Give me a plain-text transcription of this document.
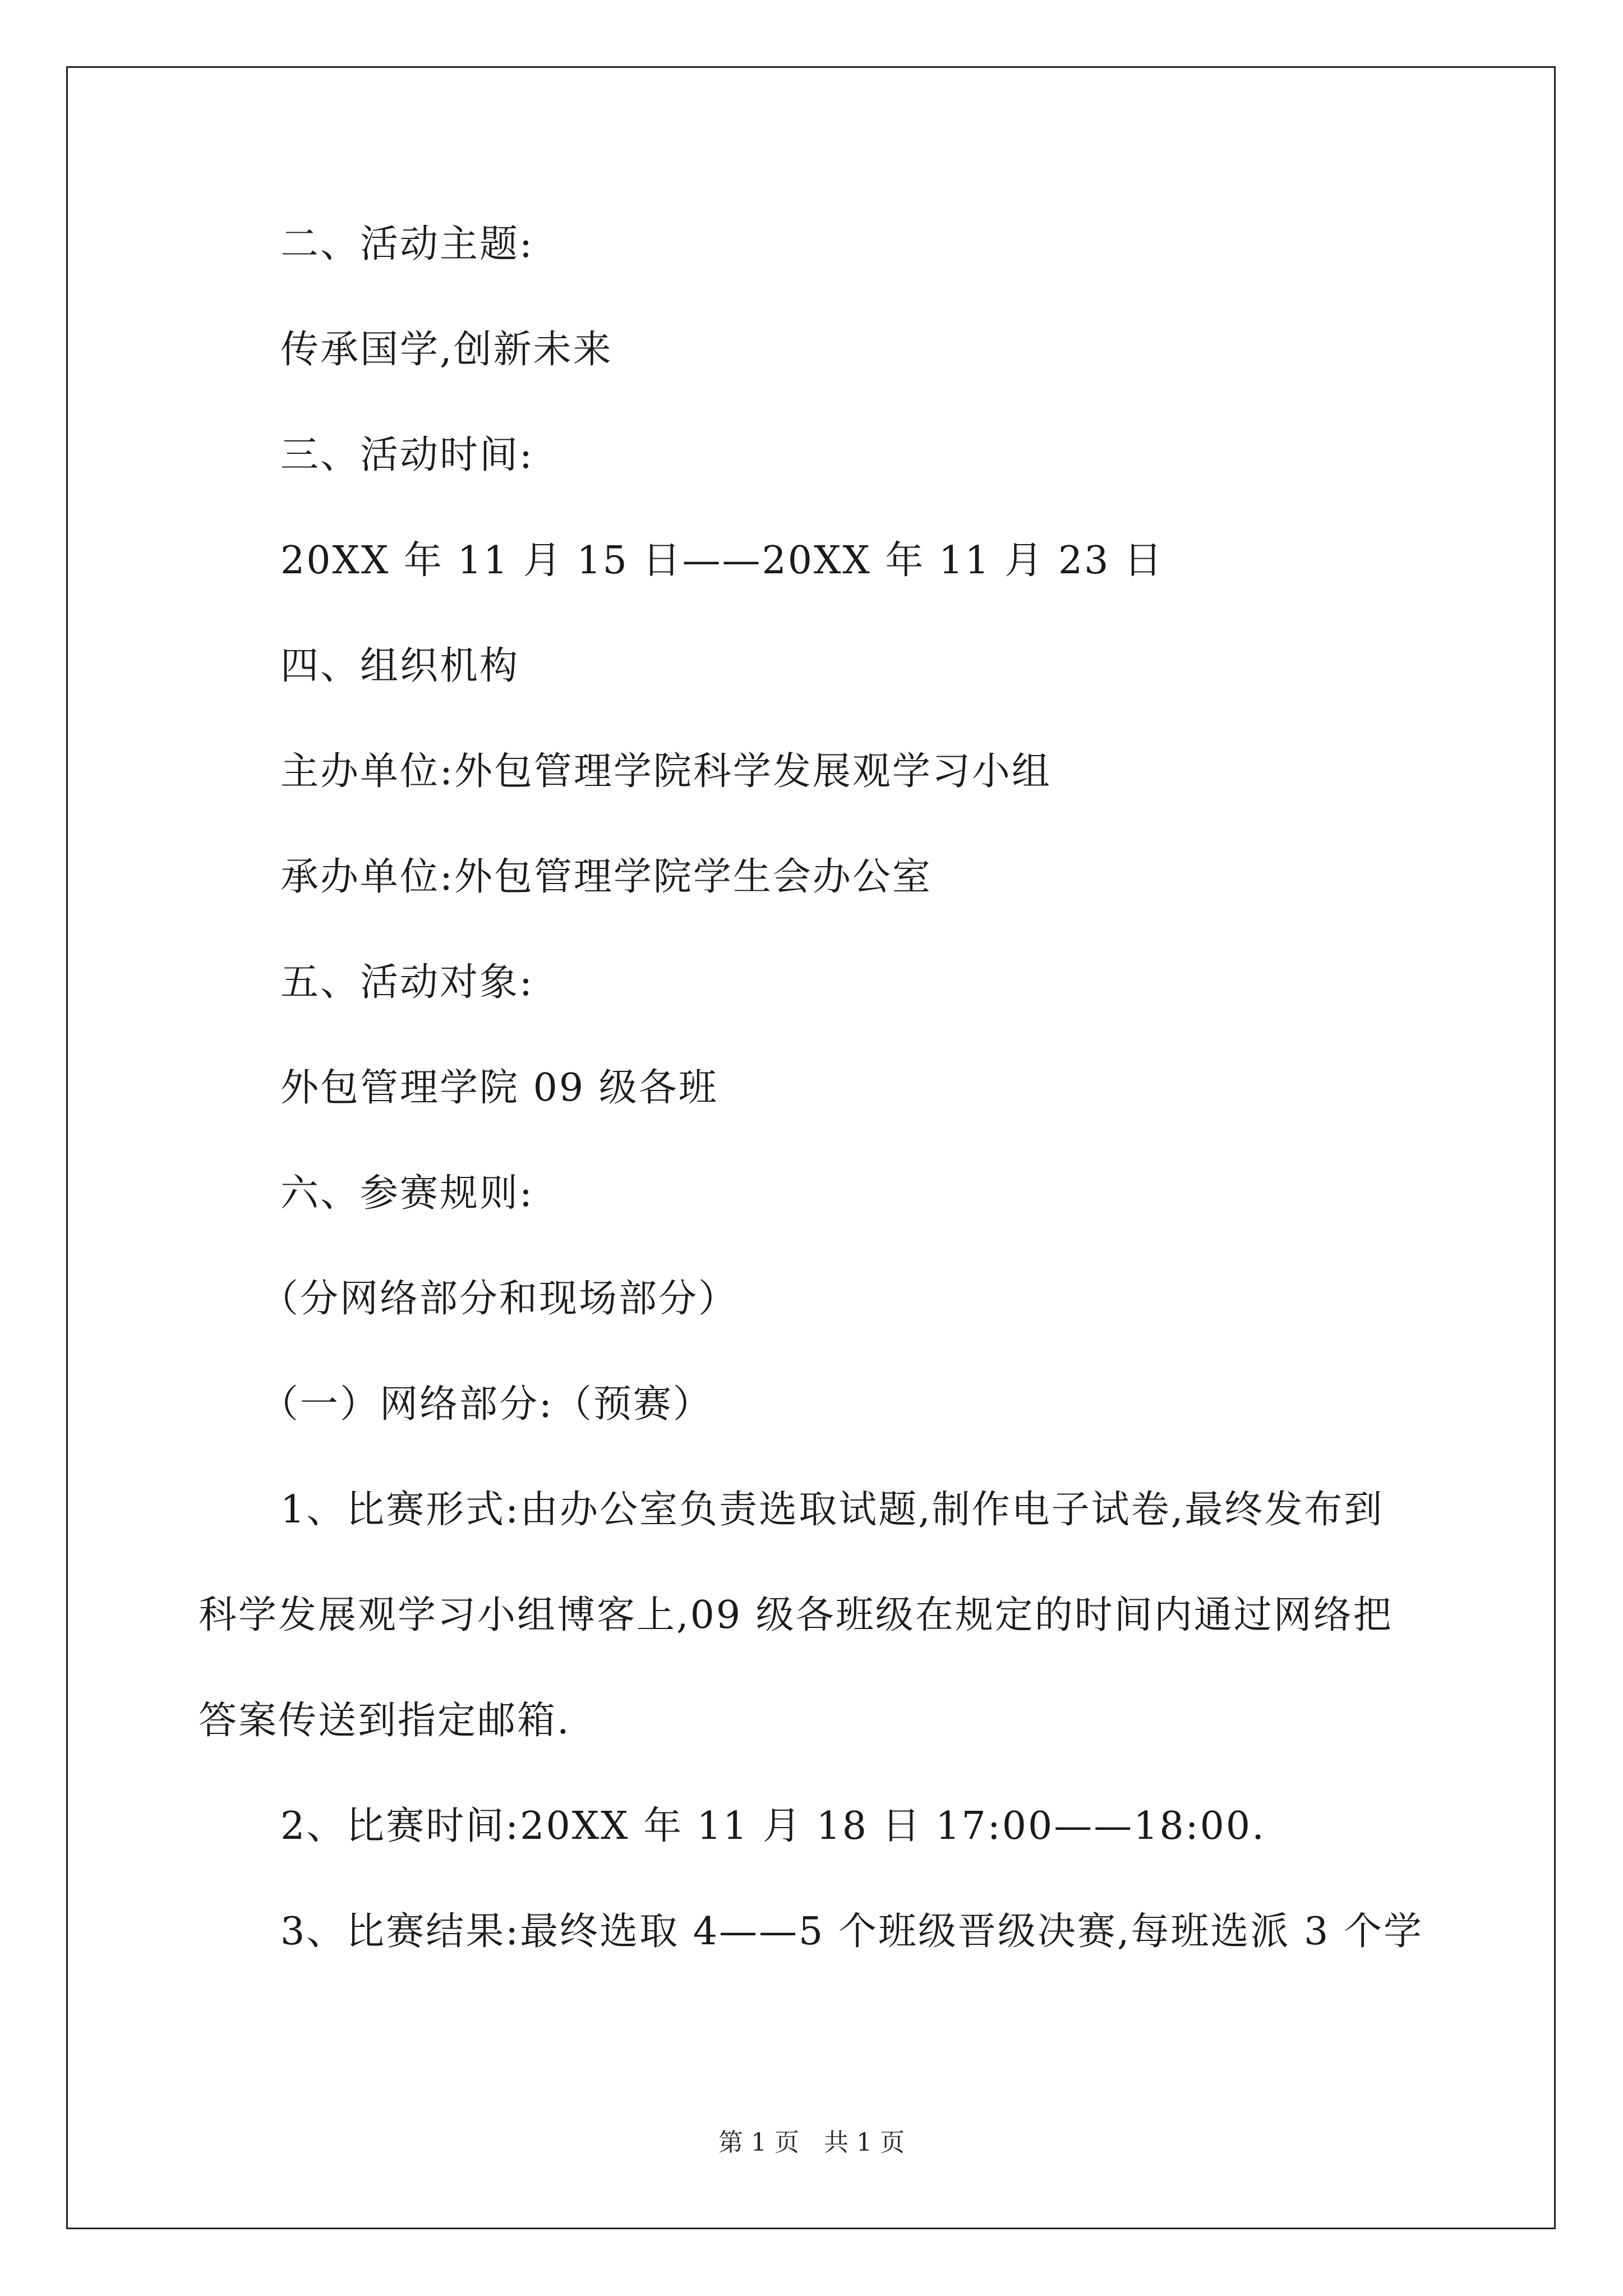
二、活动主题:
传承国学,创新未来
三、活动时间:
20XX 年 11 月 15 日——20XX 年 11 月 23 日
四、组织机构
主办单位:外包管理学院科学发展观学习小组
承办单位:外包管理学院学生会办公室
五、活动对象:
外包管理学院 09 级各班
六、参赛规则:
（分网络部分和现场部分）
（一）网络部分:（预赛）
1、比赛形式:由办公室负责选取试题,制作电子试卷,最终发布到
科学发展观学习小组博客上,09 级各班级在规定的时间内通过网络把
答案传送到指定邮箱.
2、比赛时间:20XX 年 11 月 18 日 17:00——18:00.
3、比赛结果:最终选取 4——5 个班级晋级决赛,每班选派 3 个学
第 1 页　共 1 页
